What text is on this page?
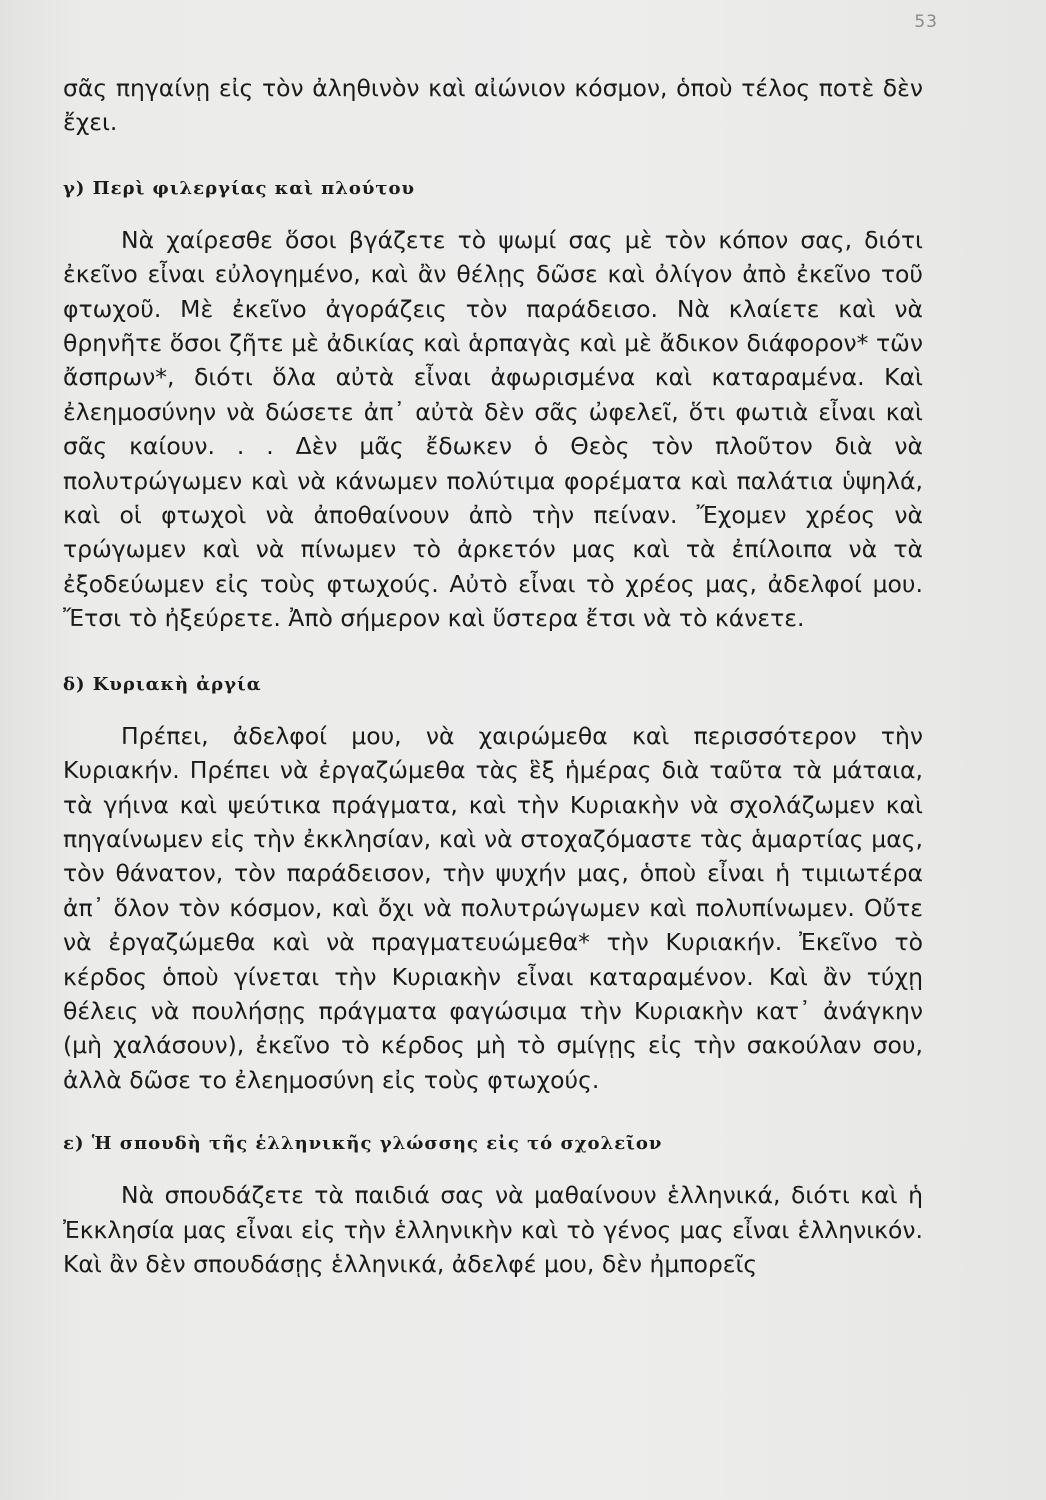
53

σᾶς πηγαίνῃ εἰς τὸν ἀληθινὸν καὶ αἰώνιον κόσμον, ὁποὺ τέλος ποτὲ δὲν ἔχει.

γ) Περὶ φιλεργίας καὶ πλούτου

Νὰ χαίρεσθε ὅσοι βγάζετε τὸ ψωμί σας μὲ τὸν κόπον σας, διότι ἐκεῖνο εἶναι εὐλογημένο, καὶ ἂν θέλῃς δῶσε καὶ ὀλίγον ἀπὸ ἐκεῖνο τοῦ φτωχοῦ. Μὲ ἐκεῖνο ἀγοράζεις τὸν παράδεισο. Νὰ κλαίετε καὶ νὰ θρηνῆτε ὅσοι ζῆτε μὲ ἀδικίας καὶ ἁρπαγὰς καὶ μὲ ἄδικον διάφορον* τῶν ἄσπρων*, διότι ὅλα αὐτὰ εἶναι ἀφωρισμένα καὶ καταραμένα. Καὶ ἐλεημοσύνην νὰ δώσετε ἀπ᾽ αὐτὰ δὲν σᾶς ὠφελεῖ, ὅτι φωτιὰ εἶναι καὶ σᾶς καίουν. . . Δὲν μᾶς ἔδωκεν ὁ Θεὸς τὸν πλοῦτον διὰ νὰ πολυτρώγωμεν καὶ νὰ κάνωμεν πολύτιμα φορέματα καὶ παλάτια ὑψηλά, καὶ οἱ φτωχοὶ νὰ ἀποθαίνουν ἀπὸ τὴν πείναν. Ἔχομεν χρέος νὰ τρώγωμεν καὶ νὰ πίνωμεν τὸ ἀρκετόν μας καὶ τὰ ἐπίλοιπα νὰ τὰ ἐξοδεύωμεν εἰς τοὺς φτωχούς. Αὐτὸ εἶναι τὸ χρέος μας, ἀδελφοί μου. Ἔτσι τὸ ἠξεύρετε. Ἀπὸ σήμερον καὶ ὕστερα ἔτσι νὰ τὸ κάνετε.

δ) Κυριακὴ ἀργία

Πρέπει, ἀδελφοί μου, νὰ χαιρώμεθα καὶ περισσότερον τὴν Κυριακήν. Πρέπει νὰ ἐργαζώμεθα τὰς ἓξ ἡμέρας διὰ ταῦτα τὰ μάταια, τὰ γήινα καὶ ψεύτικα πράγματα, καὶ τὴν Κυριακὴν νὰ σχολάζωμεν καὶ πηγαίνωμεν εἰς τὴν ἐκκλησίαν, καὶ νὰ στοχαζόμαστε τὰς ἁμαρτίας μας, τὸν θάνατον, τὸν παράδεισον, τὴν ψυχήν μας, ὁποὺ εἶναι ἡ τιμιωτέρα ἀπ᾽ ὅλον τὸν κόσμον, καὶ ὄχι νὰ πολυτρώγωμεν καὶ πολυπίνωμεν. Οὔτε νὰ ἐργαζώμεθα καὶ νὰ πραγματευώμεθα* τὴν Κυριακήν. Ἐκεῖνο τὸ κέρδος ὁποὺ γίνεται τὴν Κυριακὴν εἶναι καταραμένον. Καὶ ἂν τύχῃ θέλεις νὰ πουλήσῃς πράγματα φαγώσιμα τὴν Κυριακὴν κατ᾽ ἀνάγκην (μὴ χαλάσουν), ἐκεῖνο τὸ κέρδος μὴ τὸ σμίγῃς εἰς τὴν σακούλαν σου, ἀλλὰ δῶσε το ἐλεημοσύνη εἰς τοὺς φτωχούς.

ε) Ἡ σπουδὴ τῆς ἑλληνικῆς γλώσσης εἰς τό σχολεῖον

Νὰ σπουδάζετε τὰ παιδιά σας νὰ μαθαίνουν ἑλληνικά, διότι καὶ ἡ Ἐκκλησία μας εἶναι εἰς τὴν ἑλληνικὴν καὶ τὸ γένος μας εἶναι ἑλληνικόν. Καὶ ἂν δὲν σπουδάσῃς ἑλληνικά, ἀδελφέ μου, δὲν ἠμπορεῖς
